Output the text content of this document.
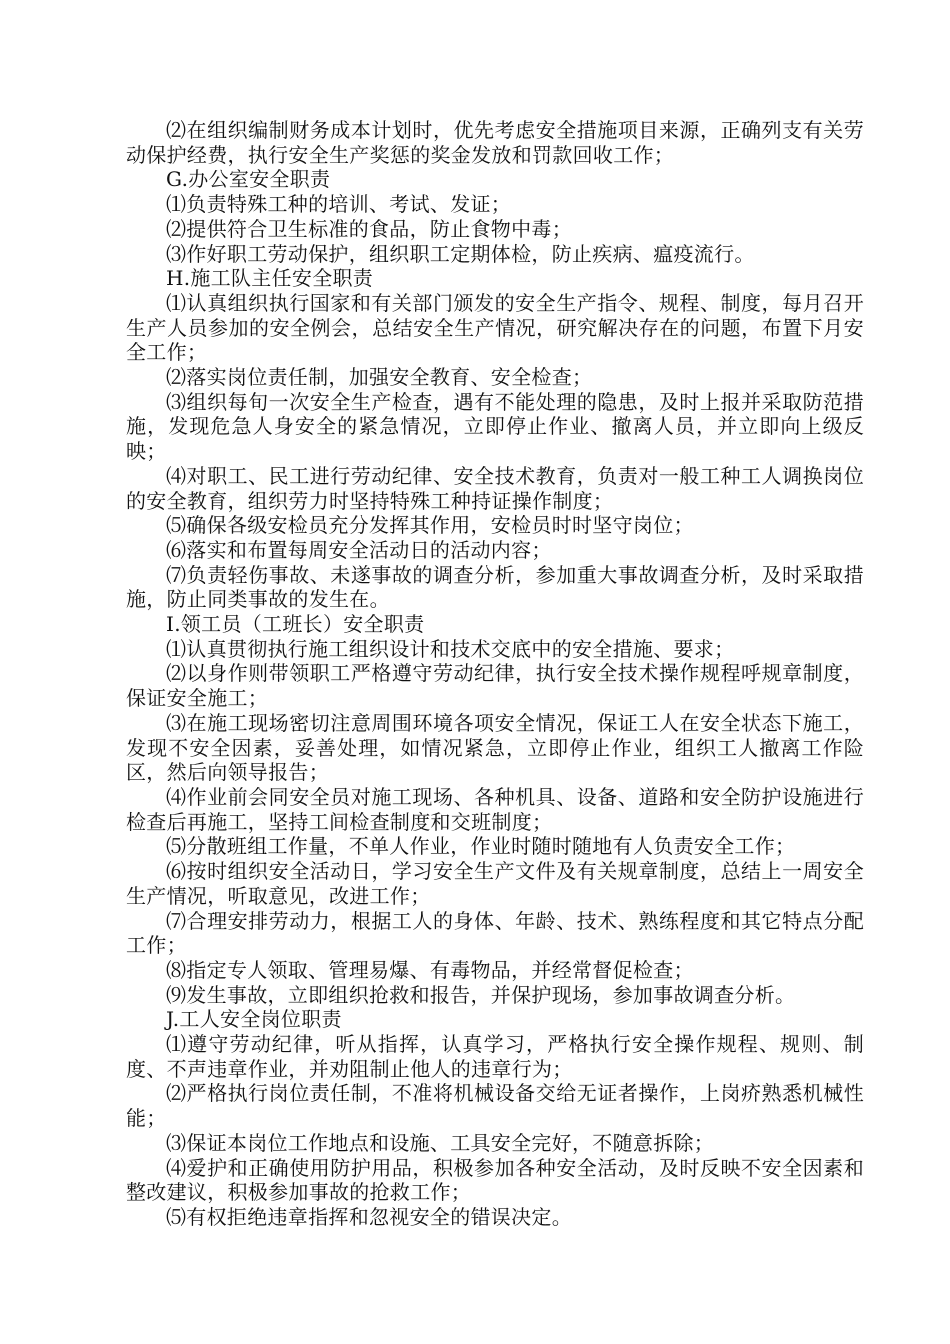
⑵在组织编制财务成本计划时，优先考虑安全措施项目来源，正确列支有关劳动保护经费，执行安全生产奖惩的奖金发放和罚款回收工作；

G.办公室安全职责

⑴负责特殊工种的培训、考试、发证；

⑵提供符合卫生标准的食品，防止食物中毒；

⑶作好职工劳动保护，组织职工定期体检，防止疾病、瘟疫流行。

H.施工队主任安全职责

⑴认真组织执行国家和有关部门颁发的安全生产指令、规程、制度，每月召开生产人员参加的安全例会，总结安全生产情况，研究解决存在的问题，布置下月安全工作；

⑵落实岗位责任制，加强安全教育、安全检查；

⑶组织每旬一次安全生产检查，遇有不能处理的隐患，及时上报并采取防范措施，发现危急人身安全的紧急情况，立即停止作业、撤离人员，并立即向上级反映；

⑷对职工、民工进行劳动纪律、安全技术教育，负责对一般工种工人调换岗位的安全教育，组织劳力时坚持特殊工种持证操作制度；

⑸确保各级安检员充分发挥其作用，安检员时时坚守岗位；

⑹落实和布置每周安全活动日的活动内容；

⑺负责轻伤事故、未遂事故的调查分析，参加重大事故调查分析，及时采取措施，防止同类事故的发生在。

I.领工员（工班长）安全职责

⑴认真贯彻执行施工组织设计和技术交底中的安全措施、要求；

⑵以身作则带领职工严格遵守劳动纪律，执行安全技术操作规程呼规章制度，保证安全施工；

⑶在施工现场密切注意周围环境各项安全情况，保证工人在安全状态下施工，发现不安全因素，妥善处理，如情况紧急，立即停止作业，组织工人撤离工作险区，然后向领导报告；

⑷作业前会同安全员对施工现场、各种机具、设备、道路和安全防护设施进行检查后再施工，坚持工间检查制度和交班制度；

⑸分散班组工作量，不单人作业，作业时随时随地有人负责安全工作；

⑹按时组织安全活动日，学习安全生产文件及有关规章制度，总结上一周安全生产情况，听取意见，改进工作；

⑺合理安排劳动力，根据工人的身体、年龄、技术、熟练程度和其它特点分配工作；

⑻指定专人领取、管理易爆、有毒物品，并经常督促检查；

⑼发生事故，立即组织抢救和报告，并保护现场，参加事故调查分析。

J.工人安全岗位职责

⑴遵守劳动纪律，听从指挥，认真学习，严格执行安全操作规程、规则、制度、不声违章作业，并劝阻制止他人的违章行为；

⑵严格执行岗位责任制，不准将机械设备交给无证者操作，上岗疥熟悉机械性能；

⑶保证本岗位工作地点和设施、工具安全完好，不随意拆除；

⑷爱护和正确使用防护用品，积极参加各种安全活动，及时反映不安全因素和整改建议，积极参加事故的抢救工作；

⑸有权拒绝违章指挥和忽视安全的错误决定。
